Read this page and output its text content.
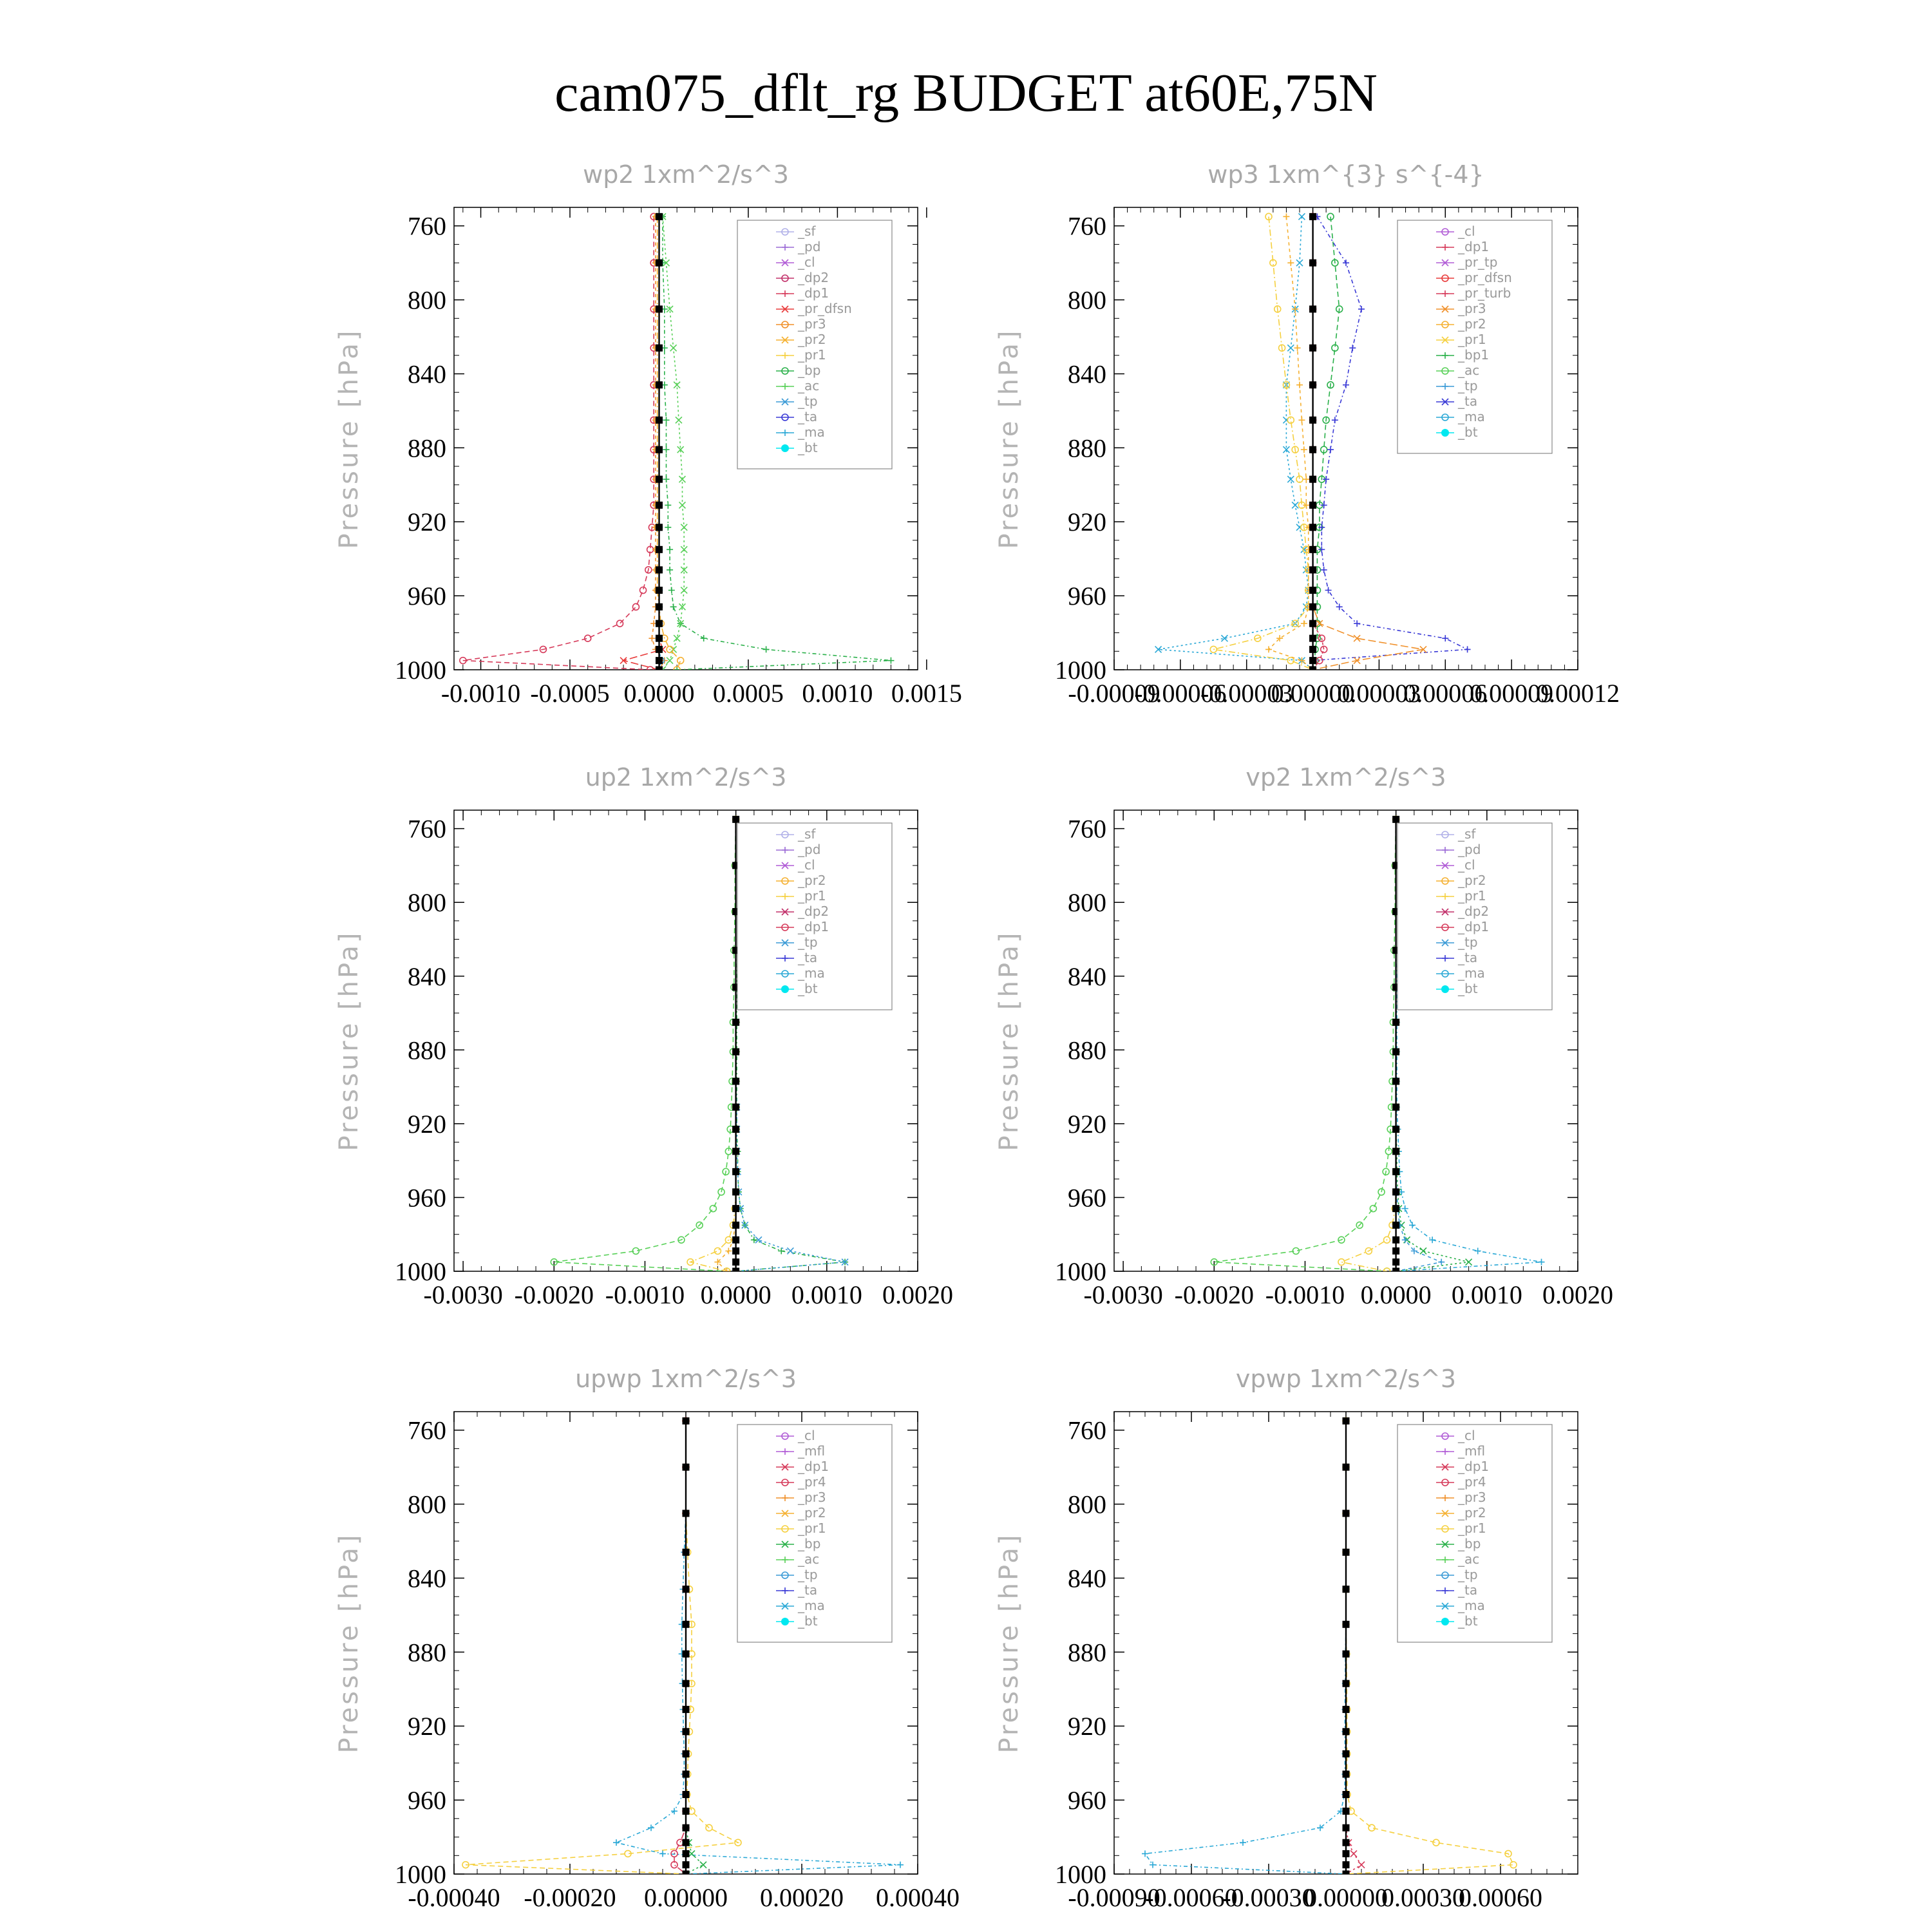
cam075_dflt_rg BUDGET at60E,75N
wp2 1xm^2/s^3
Pressure [hPa]
760
800
840
880
920
960
1000
-0.0010 -0.0005 0.0000 0.0005 0.0010 0.0015
_sf
_pd
_cl
_dp2
_dp1
_pr_dfsn
_pr3
_pr2
_pr1
_bp
_ac
_tp
_ta
_ma
_bt
wp3 1xm^{3} s^{-4}
Pressure [hPa]
760
800
840
880
920
960
1000
-0.00009
-0.00006
-0.00003
0.00000
0.00003
0.00006
0.00009
0.00012
_cl
_dp1
_pr_tp
_pr_dfsn
_pr_turb
_pr3
_pr2
_pr1
_bp1
_ac
_tp
_ta
_ma
_bt
up2 1xm^2/s^3
Pressure [hPa]
760
800
840
880
920
960
1000
-0.0030 -0.0020 -0.0010 0.0000 0.0010 0.0020
_sf
_pd
_cl
_pr2
_pr1
_dp2
_dp1
_tp
_ta
_ma
_bt
vp2 1xm^2/s^3
Pressure [hPa]
760
800
840
880
920
960
1000
-0.0030 -0.0020 -0.0010 0.0000 0.0010 0.0020
_sf
_pd
_cl
_pr2
_pr1
_dp2
_dp1
_tp
_ta
_ma
_bt
upwp 1xm^2/s^3
Pressure [hPa]
760
800
840
880
920
960
1000
-0.00040 -0.00020 0.00000 0.00020 0.00040
_cl
_mfl
_dp1
_pr4
_pr3
_pr2
_pr1
_bp
_ac
_tp
_ta
_ma
_bt
vpwp 1xm^2/s^3
Pressure [hPa]
760
800
840
880
920
960
1000
-0.00090
-0.00060
-0.00030
0.00000
0.00030
0.00060
_cl
_mfl
_dp1
_pr4
_pr3
_pr2
_pr1
_bp
_ac
_tp
_ta
_ma
_bt
